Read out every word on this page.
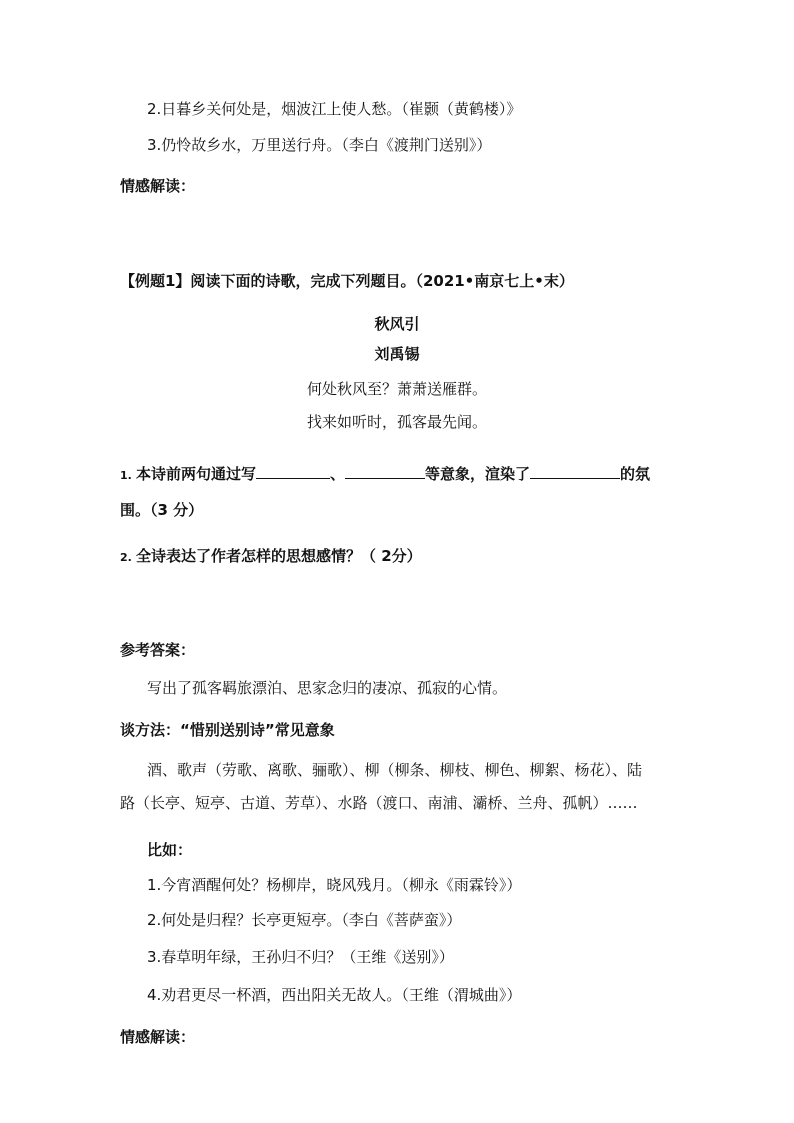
2.日暮乡关何处是，烟波江上使人愁。（崔颢（黄鹤楼）》
3.仍怜故乡水，万里送行舟。（李白《渡荆门送别》）
情感解读：
【例题1】阅读下面的诗歌，完成下列题目。（2021•南京七上•末）
秋风引
刘禹锡
何处秋风至？萧萧送雁群。
找来如听时，孤客最先闻。
1. 本诗前两句通过写	、	等意象，渲染了	的氛
围。（3 分）
2. 全诗表达了作者怎样的思想感情？（ 2分）
参考答案：
写出了孤客羁旅漂泊、思家念归的凄凉、孤寂的心情。
谈方法：“惜别送别诗”常见意象
酒、歌声（劳歌、离歌、骊歌）、柳（柳条、柳枝、柳色、柳絮、杨花）、陆
路（长亭、短亭、古道、芳草）、水路（渡口、南浦、灞桥、兰舟、孤帆）……
比如：
1.今宵酒醒何处？杨柳岸，晓风残月。（柳永《雨霖铃》）
2.何处是归程？长亭更短亭。（李白《菩萨蛮》）
3.春草明年绿，王孙归不归？（王维《送别》）
4.劝君更尽一杯酒，西出阳关无故人。（王维（渭城曲》）
情感解读：
